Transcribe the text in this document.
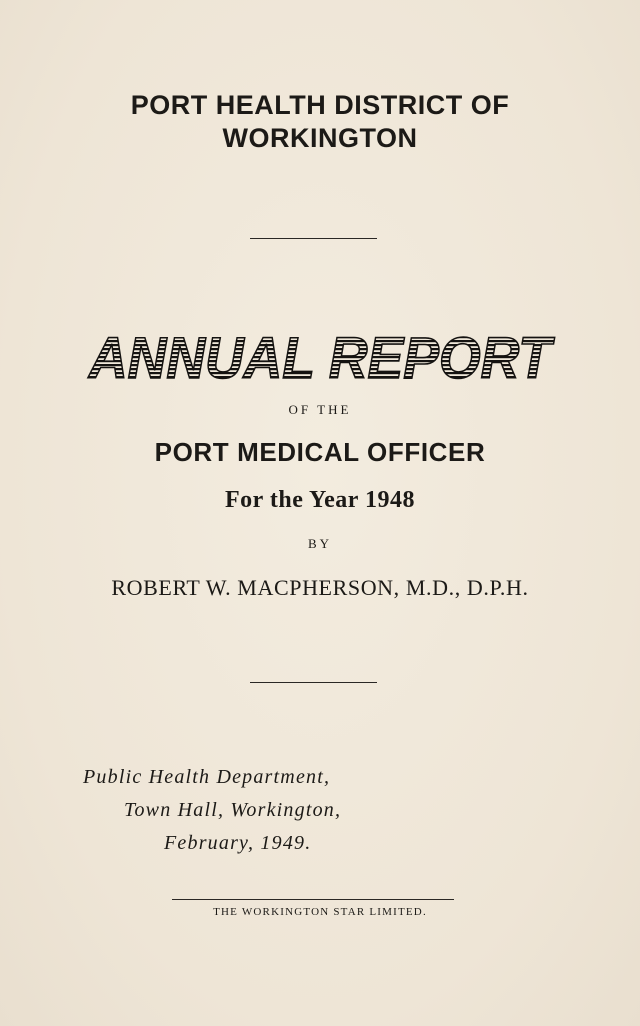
PORT HEALTH DISTRICT OF
WORKINGTON
ANNUAL REPORT
OF THE
PORT MEDICAL OFFICER
For the Year 1948
BY
ROBERT W. MACPHERSON, M.D., D.P.H.
Public Health Department,
Town Hall, Workington,
February, 1949.
THE WORKINGTON STAR LIMITED.
